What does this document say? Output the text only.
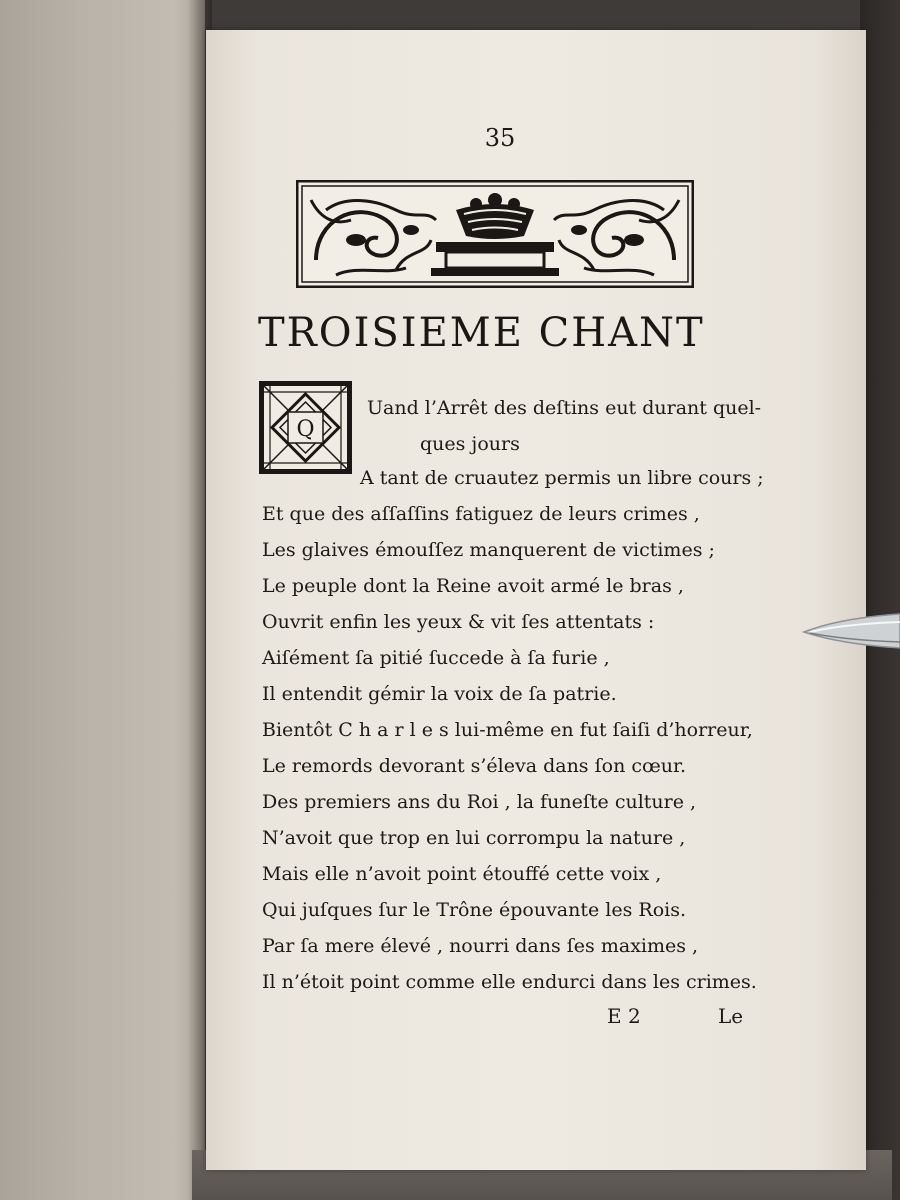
35
TROISIEME CHANT
Q
Uand l’Arrêt des deſtins eut durant quel-
ques jours
A tant de cruautez permis un libre cours ;
Et que des aſſaſſins fatiguez de leurs crimes ,
Les glaives émouſſez manquerent de victimes ;
Le peuple dont la Reine avoit armé le bras ,
Ouvrit enfin les yeux & vit ſes attentats :
Aiſément ſa pitié ſuccede à ſa furie ,
Il entendit gémir la voix de ſa patrie.
Bientôt C h a r l e s lui-même en fut ſaiſi d’horreur,
Le remords devorant s’éleva dans ſon cœur.
Des premiers ans du Roi , la funeſte culture ,
N’avoit que trop en lui corrompu la nature ,
Mais elle n’avoit point étouffé cette voix ,
Qui juſques ſur le Trône épouvante les Rois.
Par ſa mere élevé , nourri dans ſes maximes ,
Il n’étoit point comme elle endurci dans les crimes.
E 2	Le
